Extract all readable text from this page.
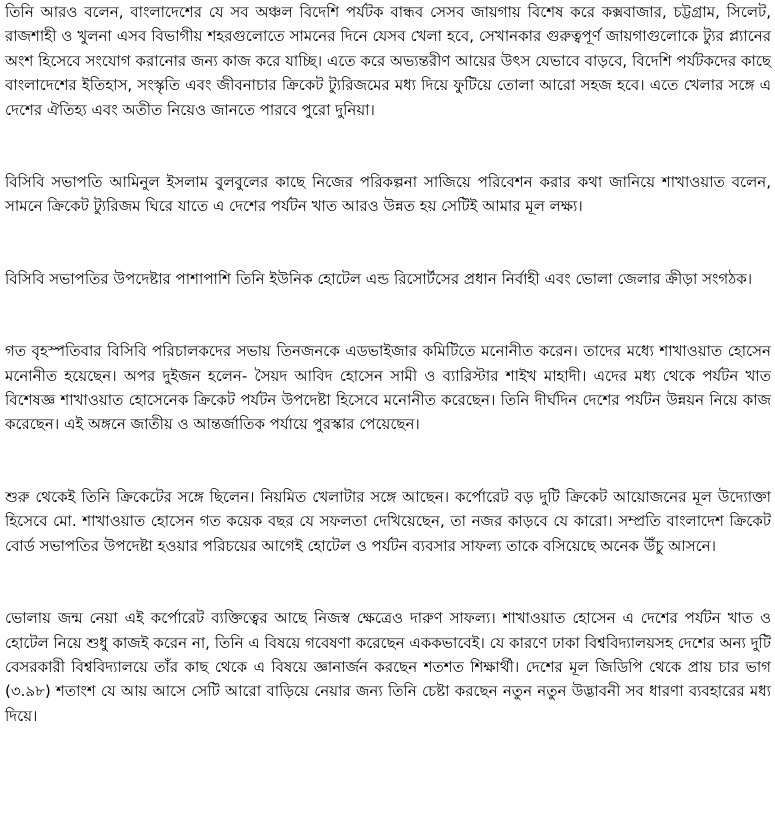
তিনি আরও বলেন, বাংলাদেশের যে সব অঞ্চল বিদেশি পর্যটক বান্ধব সেসব জায়গায় বিশেষ করে কক্সবাজার, চট্টগ্রাম, সিলেট, রাজশাহী ও খুলনা এসব বিভাগীয় শহরগুলোতে সামনের দিনে যেসব খেলা হবে, সেখানকার গুরুত্বপূর্ণ জায়গাগুলোকে ট্যুর প্ল্যানের অংশ হিসেবে সংযোগ করানোর জন্য কাজ করে যাচ্ছি। এতে করে অভ্যন্তরীণ আয়ের উৎস যেভাবে বাড়বে, বিদেশি পর্যটকদের কাছে বাংলাদেশের ইতিহাস, সংস্কৃতি এবং জীবনাচার ক্রিকেট ট্যুরিজমের মধ্য দিয়ে ফুটিয়ে তোলা আরো সহজ হবে। এতে খেলার সঙ্গে এ দেশের ঐতিহ্য এবং অতীত নিয়েও জানতে পারবে পুরো দুনিয়া।

বিসিবি সভাপতি আমিনুল ইসলাম বুলবুলের কাছে নিজের পরিকল্পনা সাজিয়ে পরিবেশন করার কথা জানিয়ে শাখাওয়াত বলেন, সামনে ক্রিকেট ট্যুরিজম ঘিরে যাতে এ দেশের পর্যটন খাত আরও উন্নত হয় সেটিই আমার মূল লক্ষ্য।

বিসিবি সভাপতির উপদেষ্টার পাশাপাশি তিনি ইউনিক হোটেল এন্ড রিসোর্টসের প্রধান নির্বাহী এবং ভোলা জেলার ক্রীড়া সংগঠক।

গত বৃহস্পতিবার বিসিবি পরিচালকদের সভায় তিনজনকে এডভাইজার কমিটিতে মনোনীত করেন। তাদের মধ্যে শাখাওয়াত হোসেন মনোনীত হয়েছেন। অপর দুইজন হলেন- সৈয়দ আবিদ হোসেন সামী ও ব্যারিস্টার শাইখ মাহাদী। এদের মধ্য থেকে পর্যটন খাত বিশেষজ্ঞ শাখাওয়াত হোসেনেক ক্রিকেট পর্যটন উপদেষ্টা হিসেবে মনোনীত করেছেন। তিনি দীর্ঘদিন দেশের পর্যটন উন্নয়ন নিয়ে কাজ করেছেন। এই অঙ্গনে জাতীয় ও আন্তর্জাতিক পর্যায়ে পুরস্কার পেয়েছেন।

শুরু থেকেই তিনি ক্রিকেটের সঙ্গে ছিলেন। নিয়মিত খেলাটার সঙ্গে আছেন। কর্পোরেট বড় দুটি ক্রিকেট আয়োজনের মূল উদ্যোক্তা হিসেবে মো. শাখাওয়াত হোসেন গত কয়েক বছর যে সফলতা দেখিয়েছেন, তা নজর কাড়বে যে কারো। সম্প্রতি বাংলাদেশ ক্রিকেট বোর্ড সভাপতির উপদেষ্টা হওয়ার পরিচয়ের আগেই হোটেল ও পর্যটন ব্যবসার সাফল্য তাকে বসিয়েছে অনেক উঁচু আসনে।

ভোলায় জন্ম নেয়া এই কর্পোরেট ব্যক্তিত্বের আছে নিজস্ব ক্ষেত্রেও দারুণ সাফল্য। শাখাওয়াত হোসেন এ দেশের পর্যটন খাত ও হোটেল নিয়ে শুধু কাজই করেন না, তিনি এ বিষয়ে গবেষণা করেছেন এককভাবেই। যে কারণে ঢাকা বিশ্ববিদ্যালয়সহ দেশের অন্য দুটি বেসরকারী বিশ্ববিদ্যালয়ে তাঁর কাছ থেকে এ বিষয়ে জ্ঞানার্জন করছেন শতশত শিক্ষার্থী। দেশের মূল জিডিপি থেকে প্রায় চার ভাগ (৩.৯৮) শতাংশ যে আয় আসে সেটি আরো বাড়িয়ে নেয়ার জন্য তিনি চেষ্টা করছেন নতুন নতুন উদ্ভাবনী সব ধারণা ব্যবহারের মধ্য দিয়ে।
